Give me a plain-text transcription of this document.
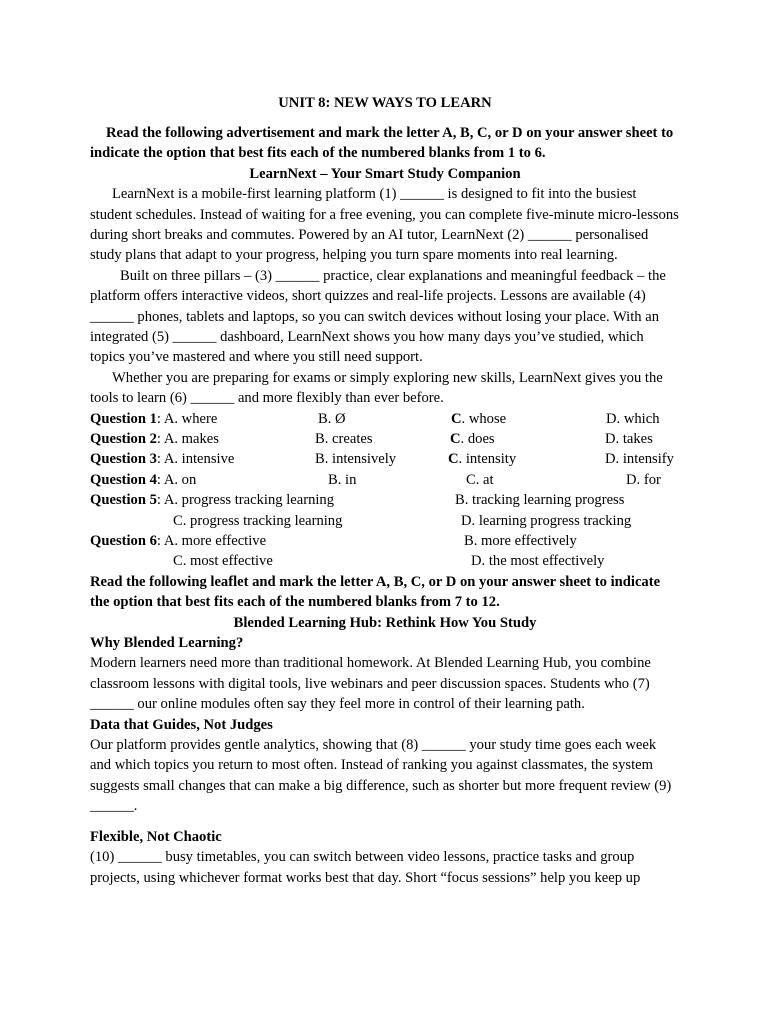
UNIT 8: NEW WAYS TO LEARN

Read the following advertisement and mark the letter A, B, C, or D on your answer sheet to indicate the option that best fits each of the numbered blanks from 1 to 6.

LearnNext – Your Smart Study Companion

LearnNext is a mobile-first learning platform (1) ______ is designed to fit into the busiest student schedules. Instead of waiting for a free evening, you can complete five-minute micro-lessons during short breaks and commutes. Powered by an AI tutor, LearnNext (2) ______ personalised study plans that adapt to your progress, helping you turn spare moments into real learning.

Built on three pillars – (3) ______ practice, clear explanations and meaningful feedback – the platform offers interactive videos, short quizzes and real-life projects. Lessons are available (4) ______ phones, tablets and laptops, so you can switch devices without losing your place. With an integrated (5) ______ dashboard, LearnNext shows you how many days you’ve studied, which topics you’ve mastered and where you still need support.

Whether you are preparing for exams or simply exploring new skills, LearnNext gives you the tools to learn (6) ______ and more flexibly than ever before.

Question 1: A. where	B. Ø	C. whose	D. which
Question 2: A. makes	B. creates	C. does	D. takes
Question 3: A. intensive	B. intensively	C. intensity	D. intensify
Question 4: A. on	B. in	C. at	D. for
Question 5: A. progress tracking learning	B. tracking learning progress
C. progress tracking learning	D. learning progress tracking
Question 6: A. more effective	B. more effectively
C. most effective	D. the most effectively

Read the following leaflet and mark the letter A, B, C, or D on your answer sheet to indicate the option that best fits each of the numbered blanks from 7 to 12.

Blended Learning Hub: Rethink How You Study

Why Blended Learning?

Modern learners need more than traditional homework. At Blended Learning Hub, you combine classroom lessons with digital tools, live webinars and peer discussion spaces. Students who (7) ______ our online modules often say they feel more in control of their learning path.

Data that Guides, Not Judges

Our platform provides gentle analytics, showing that (8) ______ your study time goes each week and which topics you return to most often. Instead of ranking you against classmates, the system suggests small changes that can make a big difference, such as shorter but more frequent review (9) ______.

Flexible, Not Chaotic

(10) ______ busy timetables, you can switch between video lessons, practice tasks and group projects, using whichever format works best that day. Short “focus sessions” help you keep up
